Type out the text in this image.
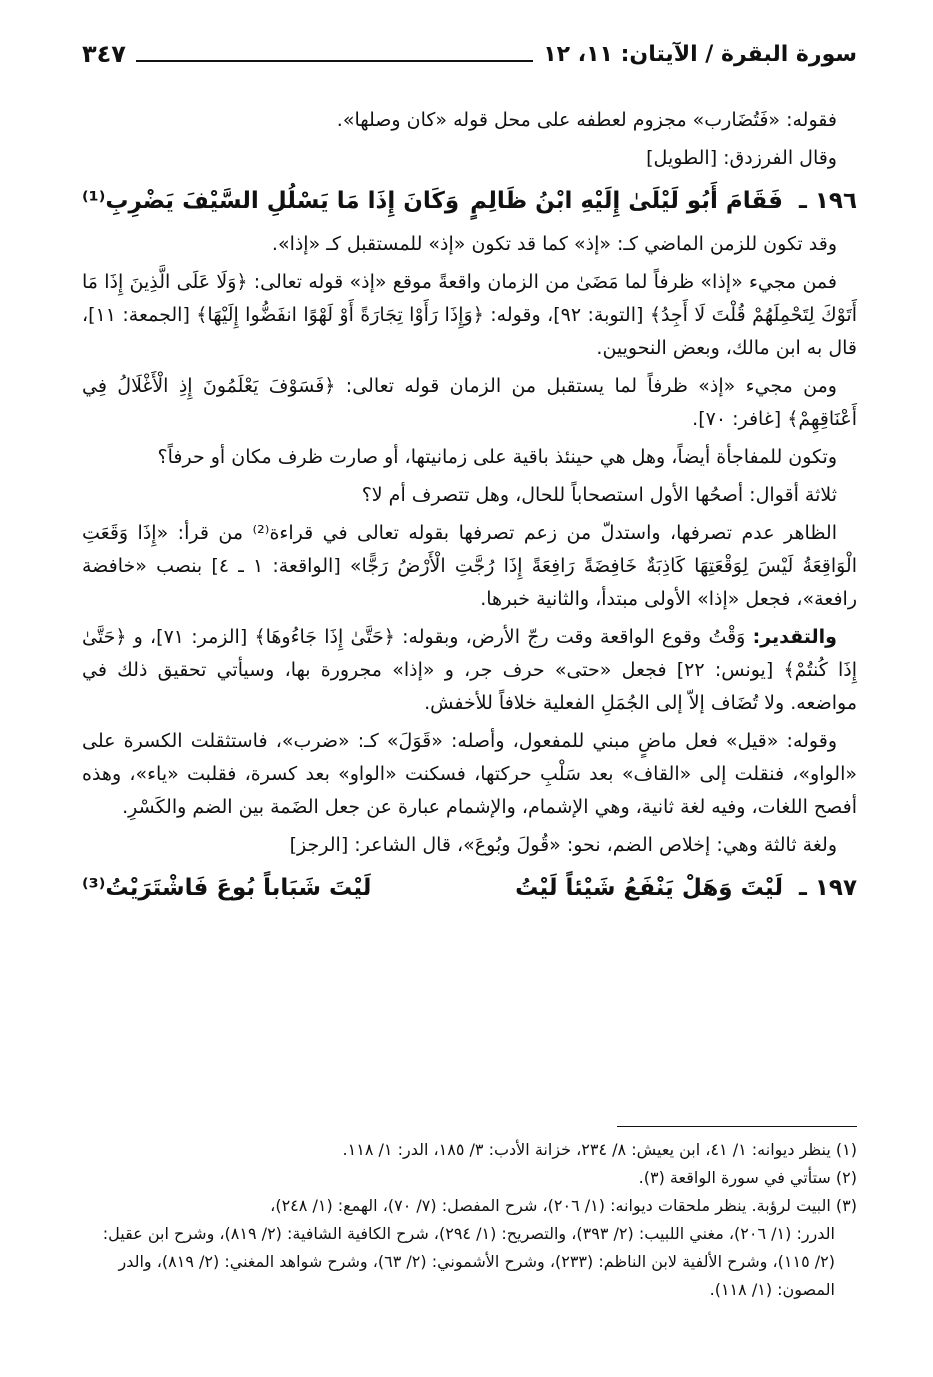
سورة البقرة / الآيتان: ١١، ١٢
٣٤٧

فقوله: «فَتُضَارب» مجزوم لعطفه على محل قوله «كان وصلها».

وقال الفرزدق: [الطويل]

١٩٦ ـ فَقَامَ أَبُو لَيْلَىٰ إِلَيْهِ ابْنُ ظَالِمٍ
وَكَانَ إِذَا مَا يَسْلُلِ السَّيْفَ يَضْرِبِ⁽¹⁾

وقد تكون للزمن الماضي كـ: «إذ» كما قد تكون «إذ» للمستقبل كـ «إذا».

فمن مجيء «إذا» ظرفاً لما مَضَىٰ من الزمان واقعةً موقع «إذ» قوله تعالى: ﴿وَلَا عَلَى الَّذِينَ إِذَا مَا أَتَوْكَ لِتَحْمِلَهُمْ قُلْتَ لَا أَجِدُ﴾ [التوبة: ٩٢]، وقوله: ﴿وَإِذَا رَأَوْا تِجَارَةً أَوْ لَهْوًا انفَضُّوا إِلَيْهَا﴾ [الجمعة: ١١]، قال به ابن مالك، وبعض النحويين.

ومن مجيء «إذ» ظرفاً لما يستقبل من الزمان قوله تعالى: ﴿فَسَوْفَ يَعْلَمُونَ إِذِ الْأَغْلَالُ فِي أَعْنَاقِهِمْ﴾ [غافر: ٧٠].

وتكون للمفاجأة أيضاً، وهل هي حينئذ باقية على زمانيتها، أو صارت ظرف مكان أو حرفاً؟

ثلاثة أقوال: أصحُها الأول استصحاباً للحال، وهل تتصرف أم لا؟

الظاهر عدم تصرفها، واستدلّ من زعم تصرفها بقوله تعالى في قراءة⁽²⁾ من قرأ: «إِذَا وَقَعَتِ الْوَاقِعَةُ لَيْسَ لِوَقْعَتِهَا كَاذِبَةٌ خَافِضَةً رَافِعَةً إِذَا رُجَّتِ الْأَرْضُ رَجًّا» [الواقعة: ١ ـ ٤] بنصب «خافضة رافعة»، فجعل «إذا» الأولى مبتدأ، والثانية خبرها.

والتقدير: وَقْتُ وقوع الواقعة وقت رجّ الأرض، وبقوله: ﴿حَتَّىٰ إِذَا جَاءُوهَا﴾ [الزمر: ٧١]، و ﴿حَتَّىٰ إِذَا كُنتُمْ﴾ [يونس: ٢٢] فجعل «حتى» حرف جر، و «إذا» مجرورة بها، وسيأتي تحقيق ذلك في مواضعه. ولا تُضَاف إلاّ إلى الجُمَلِ الفعلية خلافاً للأخفش.

وقوله: «قيل» فعل ماضٍ مبني للمفعول، وأصله: «قَوَلَ» كـ: «ضرب»، فاستثقلت الكسرة على «الواو»، فنقلت إلى «القاف» بعد سَلْبِ حركتها، فسكنت «الواو» بعد كسرة، فقلبت «ياء»، وهذه أفصح اللغات، وفيه لغة ثانية، وهي الإشمام، والإشمام عبارة عن جعل الضَمة بين الضم والكَسْرِ.

ولغة ثالثة وهي: إخلاص الضم، نحو: «قُولَ وبُوعَ»، قال الشاعر: [الرجز]

١٩٧ ـ لَيْتَ وَهَلْ يَنْفَعُ شَيْئاً لَيْتُ
لَيْتَ شَبَاباً بُوعَ فَاشْتَرَيْتُ⁽³⁾

(١) ينظر ديوانه: ١/ ٤١، ابن يعيش: ٨/ ٢٣٤، خزانة الأدب: ٣/ ١٨٥، الدر: ١/ ١١٨.

(٢) ستأتي في سورة الواقعة (٣).

(٣) البيت لرؤبة. ينظر ملحقات ديوانه: (١/ ٢٠٦)، شرح المفصل: (٧/ ٧٠)، الهمع: (١/ ٢٤٨)،

الدرر: (١/ ٢٠٦)، مغني اللبيب: (٢/ ٣٩٣)، والتصريح: (١/ ٢٩٤)، شرح الكافية الشافية: (٢/ ٨١٩)، وشرح ابن عقيل: (٢/ ١١٥)، وشرح الألفية لابن الناظم: (٢٣٣)، وشرح الأشموني: (٢/ ٦٣)، وشرح شواهد المغني: (٢/ ٨١٩)، والدر المصون: (١/ ١١٨).
